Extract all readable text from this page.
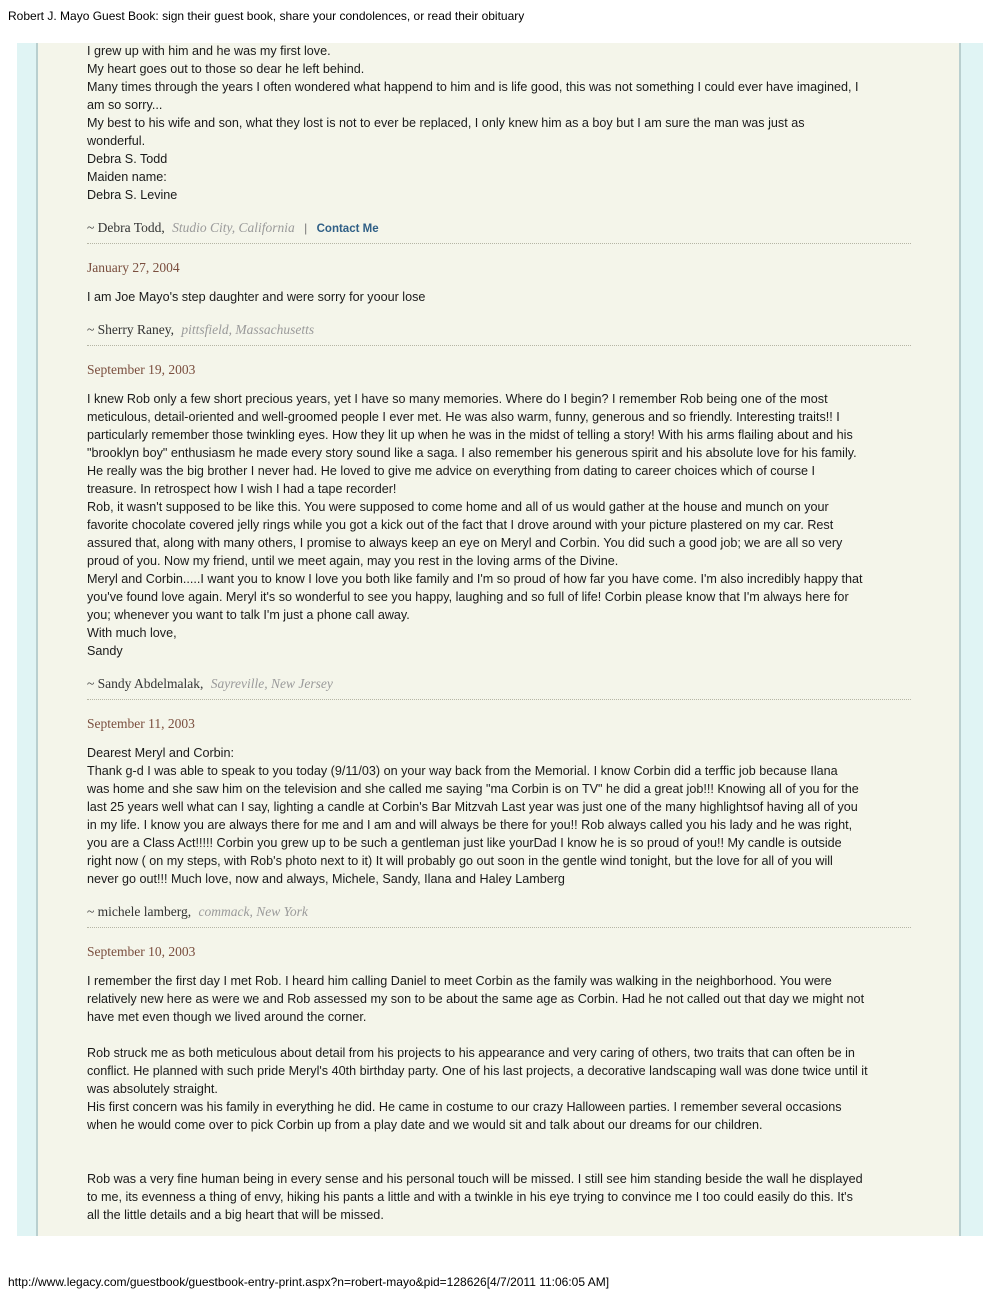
Robert J. Mayo Guest Book: sign their guest book, share your condolences, or read their obituary

I grew up with him and he was my first love.

My heart goes out to those so dear he left behind.

Many times through the years I often wondered what happend to him and is life good, this was not something I could ever have imagined, I

am so sorry...

My best to his wife and son, what they lost is not to ever be replaced, I only knew him as a boy but I am sure the man was just as

wonderful.

Debra S. Todd

Maiden name:

Debra S. Levine

~ Debra Todd, Studio City, California | Contact Me
January 27, 2004

I am Joe Mayo's step daughter and were sorry for yoour lose

~ Sherry Raney, pittsfield, Massachusetts
September 19, 2003

I knew Rob only a few short precious years, yet I have so many memories. Where do I begin? I remember Rob being one of the most

meticulous, detail-oriented and well-groomed people I ever met. He was also warm, funny, generous and so friendly. Interesting traits!! I

particularly remember those twinkling eyes. How they lit up when he was in the midst of telling a story! With his arms flailing about and his

"brooklyn boy" enthusiasm he made every story sound like a saga. I also remember his generous spirit and his absolute love for his family.

He really was the big brother I never had. He loved to give me advice on everything from dating to career choices which of course I

treasure. In retrospect how I wish I had a tape recorder!

Rob, it wasn't supposed to be like this. You were supposed to come home and all of us would gather at the house and munch on your

favorite chocolate covered jelly rings while you got a kick out of the fact that I drove around with your picture plastered on my car. Rest

assured that, along with many others, I promise to always keep an eye on Meryl and Corbin. You did such a good job; we are all so very

proud of you. Now my friend, until we meet again, may you rest in the loving arms of the Divine.

Meryl and Corbin.....I want you to know I love you both like family and I'm so proud of how far you have come. I'm also incredibly happy that

you've found love again. Meryl it's so wonderful to see you happy, laughing and so full of life! Corbin please know that I'm always here for

you; whenever you want to talk I'm just a phone call away.

With much love,

Sandy

~ Sandy Abdelmalak, Sayreville, New Jersey
September 11, 2003

Dearest Meryl and Corbin:

Thank g-d I was able to speak to you today (9/11/03) on your way back from the Memorial. I know Corbin did a terffic job because Ilana

was home and she saw him on the television and she called me saying "ma Corbin is on TV" he did a great job!!! Knowing all of you for the

last 25 years well what can I say, lighting a candle at Corbin's Bar Mitzvah Last year was just one of the many highlightsof having all of you

in my life. I know you are always there for me and I am and will always be there for you!! Rob always called you his lady and he was right,

you are a Class Act!!!!! Corbin you grew up to be such a gentleman just like yourDad I know he is so proud of you!! My candle is outside

right now ( on my steps, with Rob's photo next to it) It will probably go out soon in the gentle wind tonight, but the love for all of you will

never go out!!! Much love, now and always, Michele, Sandy, Ilana and Haley Lamberg

~ michele lamberg, commack, New York
September 10, 2003

I remember the first day I met Rob. I heard him calling Daniel to meet Corbin as the family was walking in the neighborhood. You were

relatively new here as were we and Rob assessed my son to be about the same age as Corbin. Had he not called out that day we might not

have met even though we lived around the corner.

Rob struck me as both meticulous about detail from his projects to his appearance and very caring of others, two traits that can often be in

conflict. He planned with such pride Meryl's 40th birthday party. One of his last projects, a decorative landscaping wall was done twice until it

was absolutely straight.

His first concern was his family in everything he did. He came in costume to our crazy Halloween parties. I remember several occasions

when he would come over to pick Corbin up from a play date and we would sit and talk about our dreams for our children.

Rob was a very fine human being in every sense and his personal touch will be missed. I still see him standing beside the wall he displayed

to me, its evenness a thing of envy, hiking his pants a little and with a twinkle in his eye trying to convince me I too could easily do this. It's

all the little details and a big heart that will be missed.

http://www.legacy.com/guestbook/guestbook-entry-print.aspx?n=robert-mayo&pid=128626[4/7/2011 11:06:05 AM]
